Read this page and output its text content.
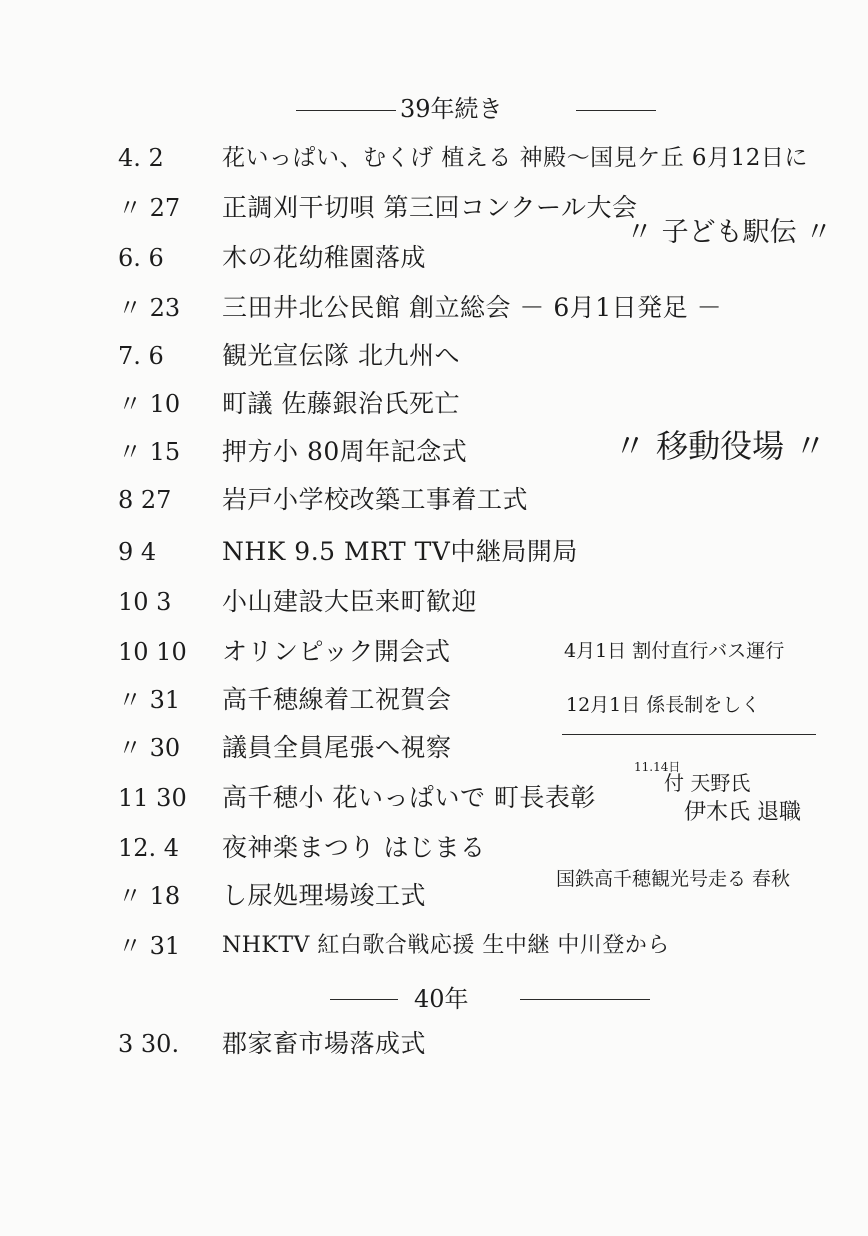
39年続き
4. 2	花いっぱい、むくげ 植える 神殿～国見ケ丘 6月12日に
〃 27	正調刈干切唄 第三回コンクール大会
6. 6	木の花幼稚園落成
〃 23	三田井北公民館 創立総会 － 6月1日発足 －
7. 6	観光宣伝隊 北九州へ
〃 10	町議 佐藤銀治氏死亡
〃 15	押方小 80周年記念式
8 27	岩戸小学校改築工事着工式
9 4	NHK 9.5 MRT TV中継局開局
10 3	小山建設大臣来町歓迎
10 10	オリンピック開会式
〃 31	高千穂線着工祝賀会
〃 30	議員全員尾張へ視察
11 30	高千穂小 花いっぱいで 町長表彰
12. 4	夜神楽まつり はじまる
〃 18	し尿処理場竣工式
〃 31	NHKTV 紅白歌合戦応援 生中継 中川登から
40年
3 30.	郡家畜市場落成式
〃 子ども駅伝 〃
〃 移動役場 〃
4月1日 割付直行バス運行
12月1日 係長制をしく
11.14日
付 天野氏
伊木氏 退職
国鉄高千穂観光号走る 春秋
